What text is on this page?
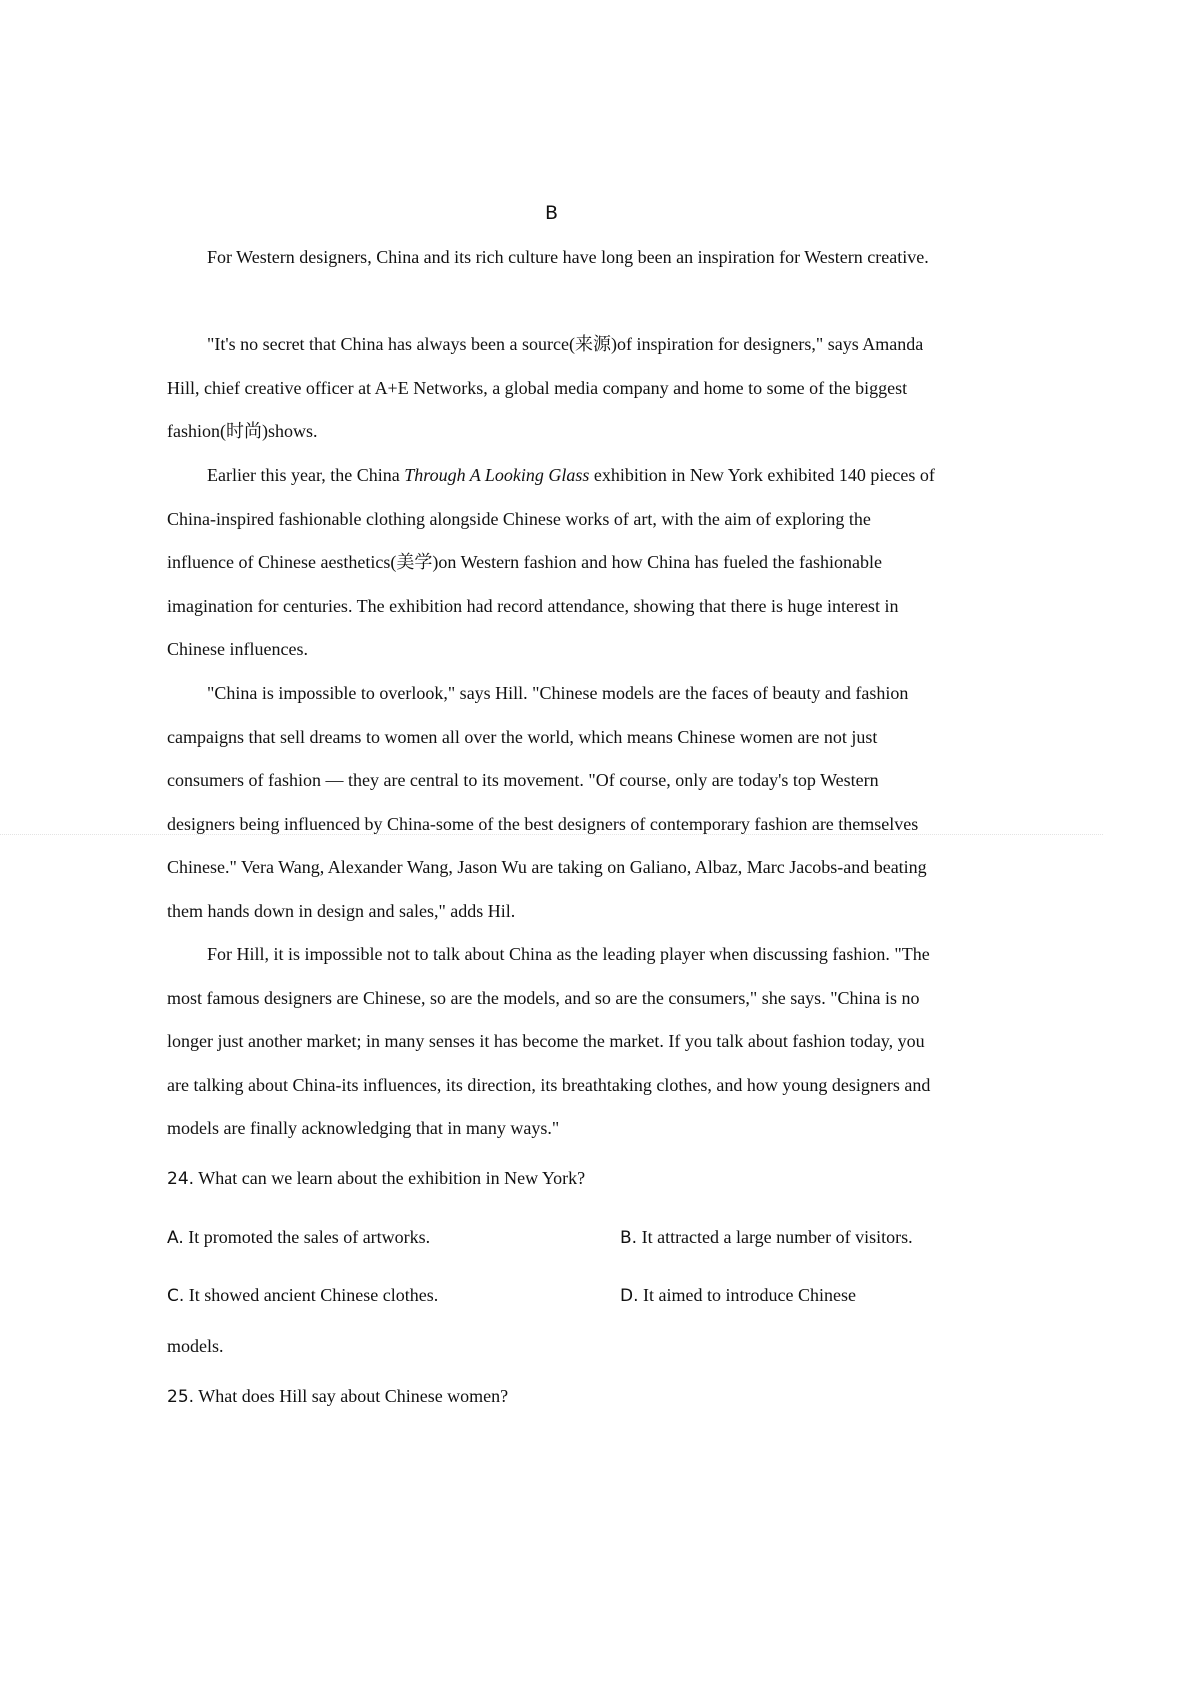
B

For Western designers, China and its rich culture have long been an inspiration for Western creative.

"It's no secret that China has always been a source(来源)of inspiration for designers," says Amanda Hill, chief creative officer at A+E Networks, a global media company and home to some of the biggest fashion(时尚)shows.

Earlier this year, the China Through A Looking Glass exhibition in New York exhibited 140 pieces of China-inspired fashionable clothing alongside Chinese works of art, with the aim of exploring the influence of Chinese aesthetics(美学)on Western fashion and how China has fueled the fashionable imagination for centuries. The exhibition had record attendance, showing that there is huge interest in Chinese influences.

"China is impossible to overlook," says Hill. "Chinese models are the faces of beauty and fashion campaigns that sell dreams to women all over the world, which means Chinese women are not just consumers of fashion — they are central to its movement. "Of course, only are today's top Western designers being influenced by China-some of the best designers of contemporary fashion are themselves Chinese." Vera Wang, Alexander Wang, Jason Wu are taking on Galiano, Albaz, Marc Jacobs-and beating them hands down in design and sales," adds Hil.

For Hill, it is impossible not to talk about China as the leading player when discussing fashion. "The most famous designers are Chinese, so are the models, and so are the consumers," she says. "China is no longer just another market; in many senses it has become the market. If you talk about fashion today, you are talking about China-its influences, its direction, its breathtaking clothes, and how young designers and models are finally acknowledging that in many ways."

24. What can we learn about the exhibition in New York?
A. It promoted the sales of artworks.	B. It attracted a large number of visitors.
C. It showed ancient Chinese clothes.	D. It aimed to introduce Chinese
models.
25. What does Hill say about Chinese women?
